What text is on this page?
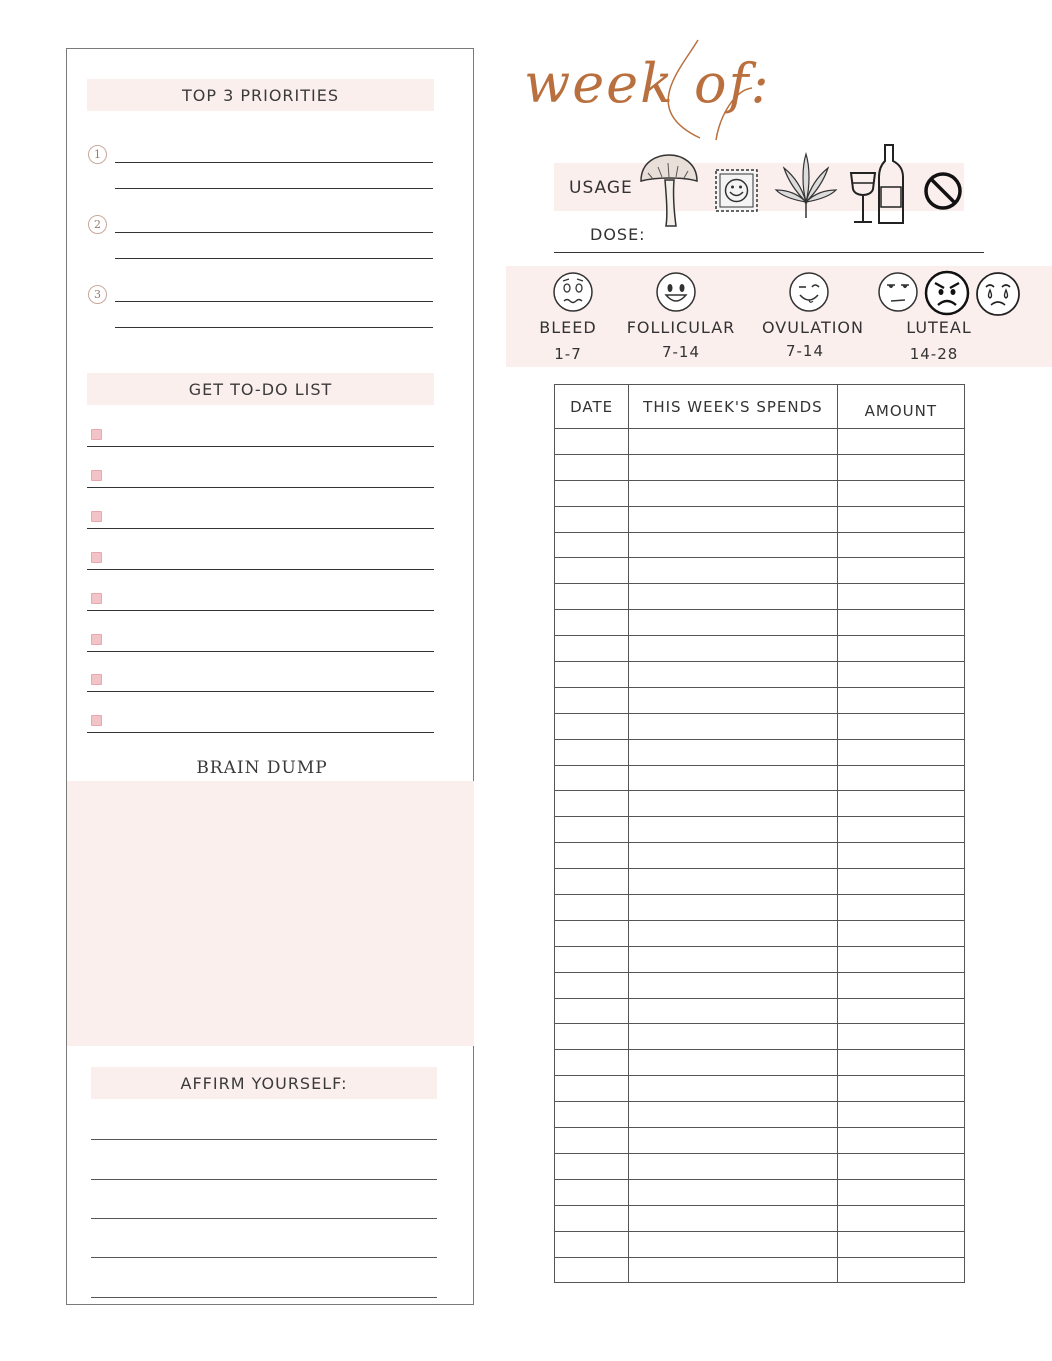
TOP 3 PRIORITIES
1
2
3
GET TO-DO LIST
BRAIN DUMP
AFFIRM YOURSELF:
week of:
USAGE
DOSE:
BLEED
1-7
FOLLICULAR
7-14
OVULATION
7-14
LUTEAL
14-28
DATE	THIS WEEK'S SPENDS	AMOUNT
